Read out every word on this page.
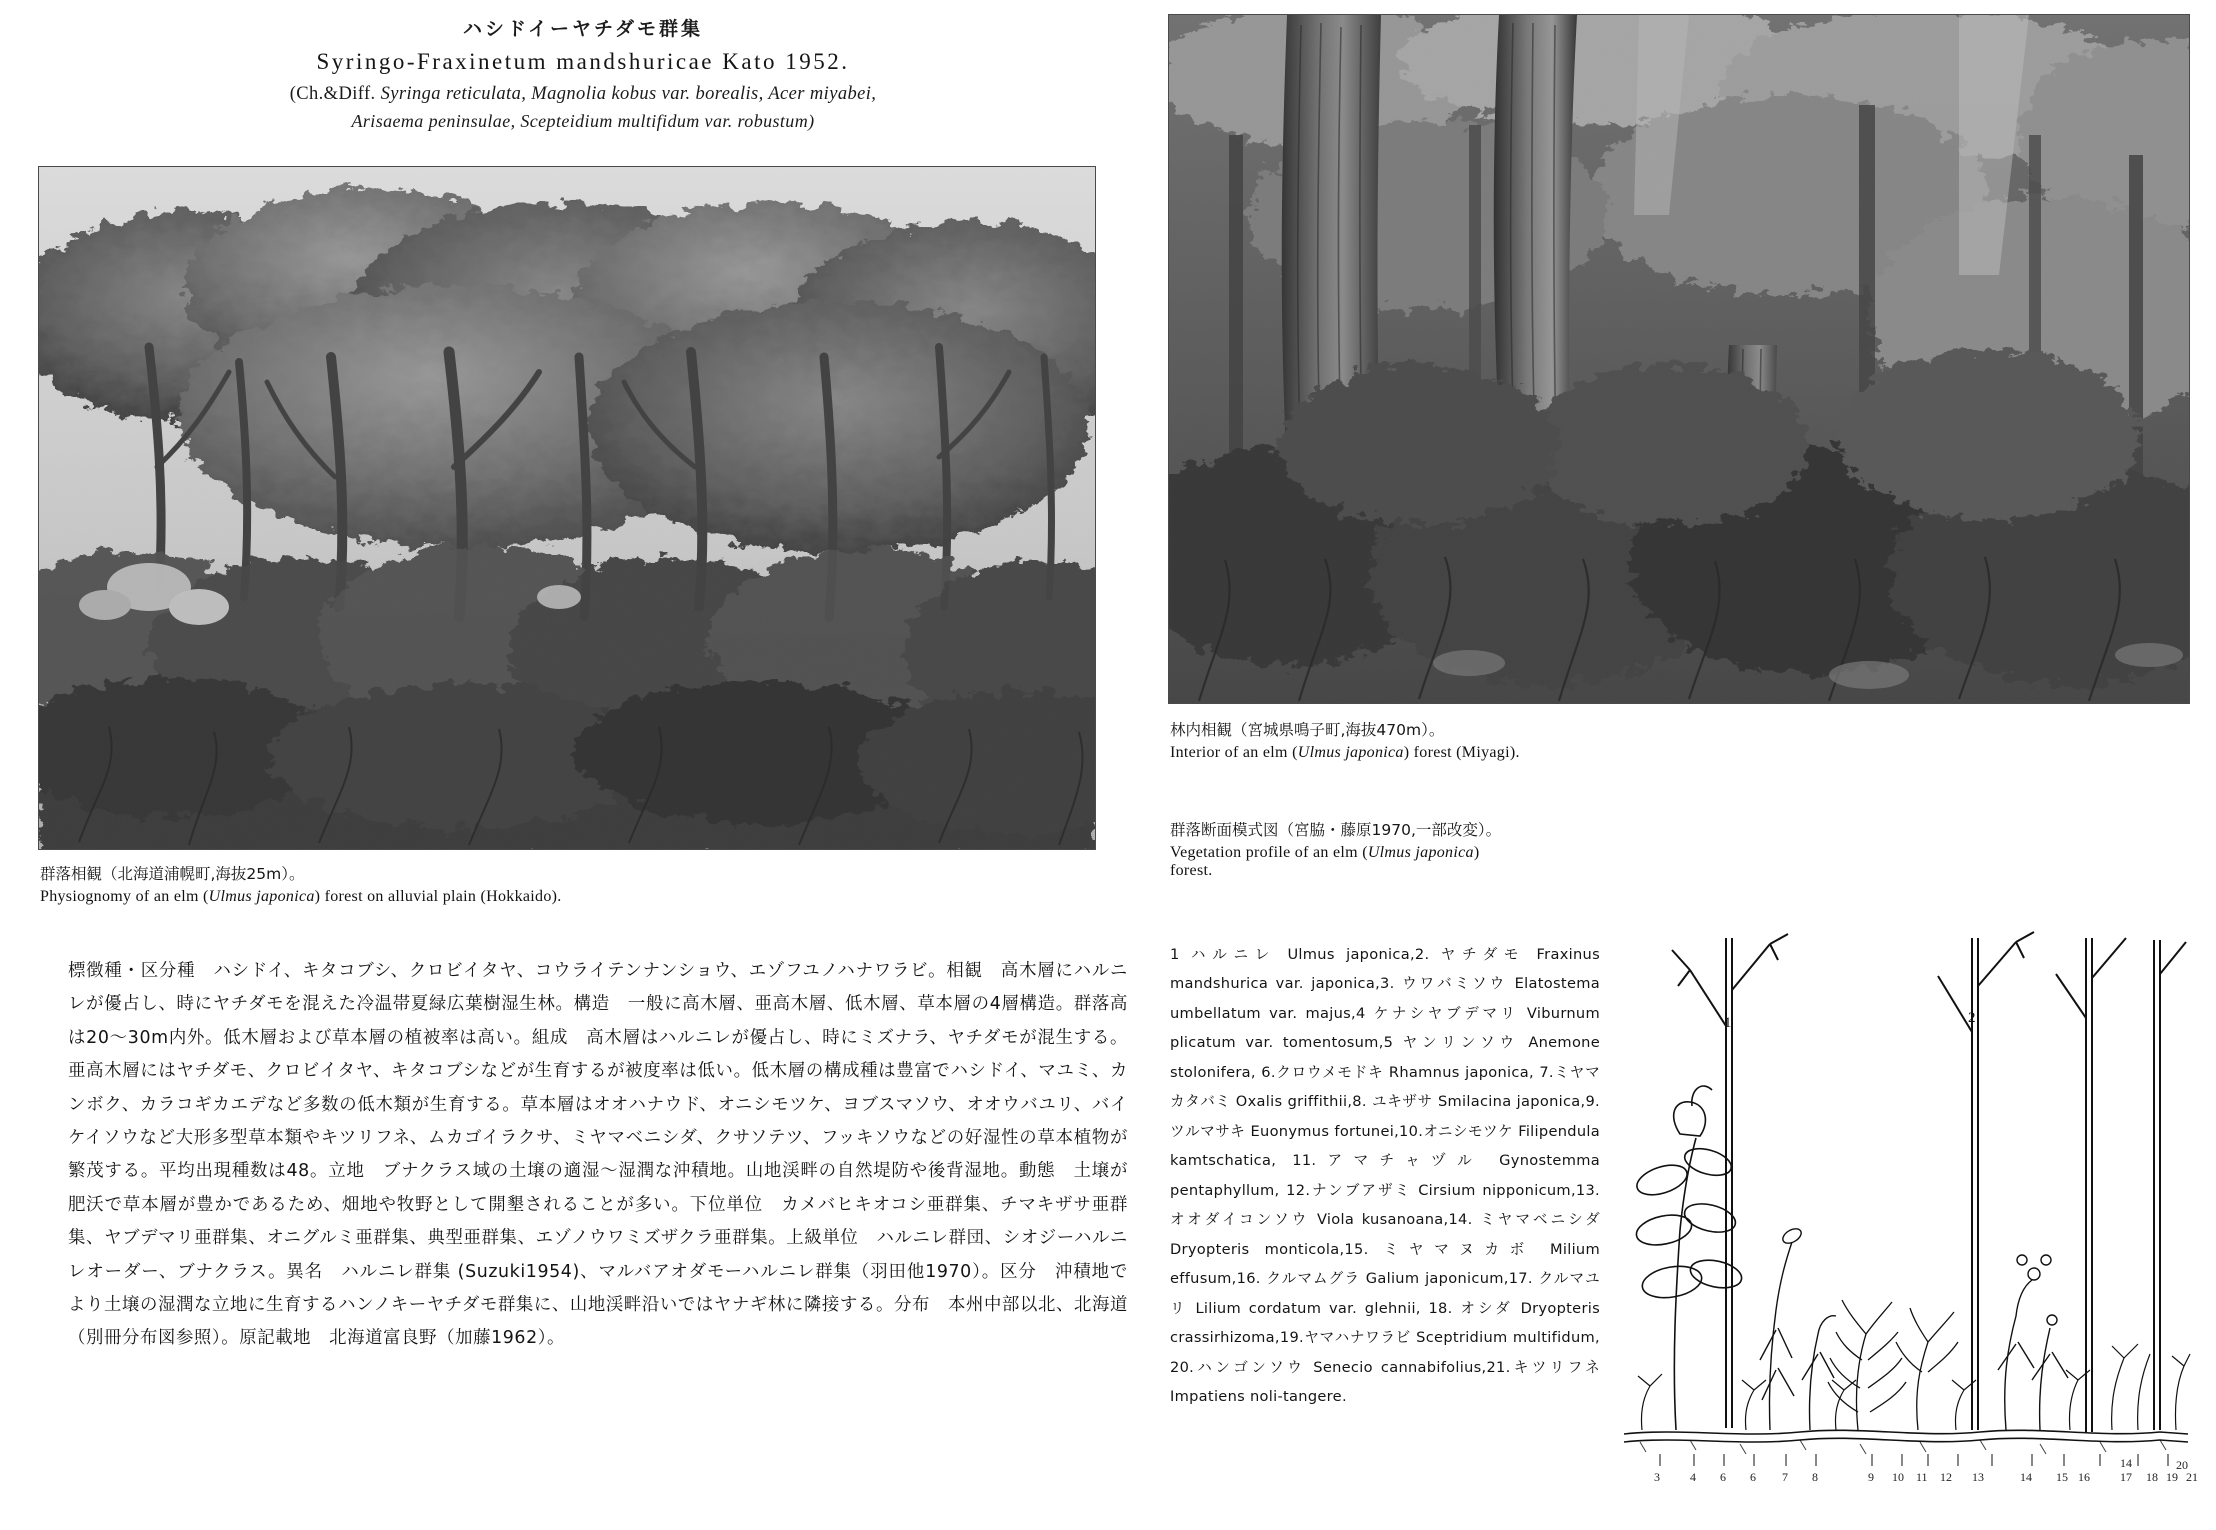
ハシドイーヤチダモ群集
Syringo-Fraxinetum mandshuricae Kato 1952.
(Ch.&Diff. Syringa reticulata, Magnolia kobus var. borealis, Acer miyabei,
Arisaema peninsulae, Scepteidium multifidum var. robustum)
群落相観（北海道浦幌町,海抜25m）。
Physiognomy of an elm (Ulmus japonica) forest on alluvial plain (Hokkaido).
標徴種・区分種　ハシドイ、キタコブシ、クロビイタヤ、コウライテンナンショウ、エゾフユノハナワラビ。相観　高木層にハルニレが優占し、時にヤチダモを混えた冷温帯夏緑広葉樹湿生林。構造　一般に高木層、亜高木層、低木層、草本層の4層構造。群落高は20〜30m内外。低木層および草本層の植被率は高い。組成　高木層はハルニレが優占し、時にミズナラ、ヤチダモが混生する。亜高木層にはヤチダモ、クロビイタヤ、キタコブシなどが生育するが被度率は低い。低木層の構成種は豊富でハシドイ、マユミ、カンボク、カラコギカエデなど多数の低木類が生育する。草本層はオオハナウド、オニシモツケ、ヨブスマソウ、オオウバユリ、バイケイソウなど大形多型草本類やキツリフネ、ムカゴイラクサ、ミヤマベニシダ、クサソテツ、フッキソウなどの好湿性の草本植物が繁茂する。平均出現種数は48。立地　ブナクラス域の土壌の適湿〜湿潤な沖積地。山地渓畔の自然堤防や後背湿地。動態　土壌が肥沃で草本層が豊かであるため、畑地や牧野として開墾されることが多い。下位単位　カメバヒキオコシ亜群集、チマキザサ亜群集、ヤブデマリ亜群集、オニグルミ亜群集、典型亜群集、エゾノウワミズザクラ亜群集。上級単位　ハルニレ群団、シオジーハルニレオーダー、ブナクラス。異名　ハルニレ群集 (Suzuki1954)、マルバアオダモーハルニレ群集（羽田他1970）。区分　沖積地でより土壌の湿潤な立地に生育するハンノキーヤチダモ群集に、山地渓畔沿いではヤナギ林に隣接する。分布　本州中部以北、北海道（別冊分布図参照）。原記載地　北海道富良野（加藤1962）。
林内相観（宮城県鳴子町,海抜470m）。
Interior of an elm (Ulmus japonica) forest (Miyagi).
群落断面模式図（宮脇・藤原1970,一部改変）。
Vegetation profile of an elm (Ulmus japonica)
forest.
1 ハルニレ Ulmus japonica,2. ヤチダモ Fraxinus mandshurica var. japonica,3. ウワバミソウ Elatostema umbellatum var. majus,4 ケナシヤブデマリ Viburnum plicatum var. tomentosum,5 ヤンリンソウ Anemone stolonifera, 6.クロウメモドキ Rhamnus japonica, 7.ミヤマカタバミ Oxalis griffithii,8. ユキザサ Smilacina japonica,9.ツルマサキ Euonymus fortunei,10.オニシモツケ Filipendula kamtschatica, 11.アマチャヅル Gynostemma pentaphyllum, 12.ナンブアザミ Cirsium nipponicum,13. オオダイコンソウ Viola kusanoana,14. ミヤマベニシダ Dryopteris monticola,15. ミヤマヌカボ Milium effusum,16. クルマムグラ Galium japonicum,17. クルマユリ Lilium cordatum var. glehnii, 18. オシダ Dryopteris crassirhizoma,19.ヤマハナワラビ Sceptridium multifidum, 20.ハンゴンソウ Senecio cannabifolius,21.キツリフネ Impatiens noli-tangere.
1	2
3	4 6 6 7 8	9 10 11 12 13	14 15 16	17
14
18 19
20
21
